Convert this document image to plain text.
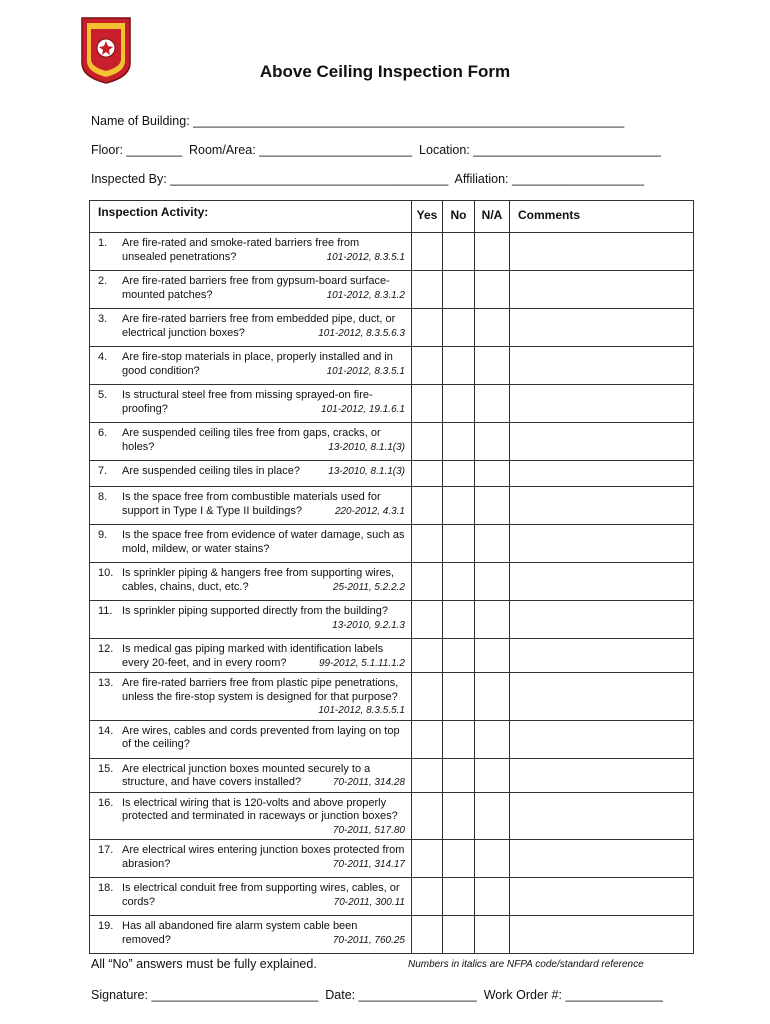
Above Ceiling Inspection Form
Name of Building: ______________________________________________________________
Floor: ________  Room/Area: ______________________  Location: ___________________________
Inspected By: ________________________________________  Affiliation: ___________________
Inspection Activity:	Yes	No	N/A	Comments

1. Are fire-rated and smoke-rated barriers free from unsealed penetrations? 101-2012, 8.3.5.1				

2. Are fire-rated barriers free from gypsum-board surface-mounted patches? 101-2012, 8.3.1.2				

3. Are fire-rated barriers free from embedded pipe, duct, or electrical junction boxes? 101-2012, 8.3.5.6.3				

4. Are fire-stop materials in place, properly installed and in good condition? 101-2012, 8.3.5.1				

5. Is structural steel free from missing sprayed-on fire-proofing? 101-2012, 19.1.6.1				

6. Are suspended ceiling tiles free from gaps, cracks, or holes? 13-2010, 8.1.1(3)				

7. Are suspended ceiling tiles in place? 13-2010, 8.1.1(3)				

8. Is the space free from combustible materials used for support in Type I & Type II buildings? 220-2012, 4.3.1				

9. Is the space free from evidence of water damage, such as mold, mildew, or water stains?				

10. Is sprinkler piping & hangers free from supporting wires, cables, chains, duct, etc.? 25-2011, 5.2.2.2				

11. Is sprinkler piping supported directly from the building?
13-2010, 9.2.1.3				

12. Is medical gas piping marked with identification labels every 20-feet, and in every room? 99-2012, 5.1.11.1.2				

13. Are fire-rated barriers free from plastic pipe penetrations, unless the fire-stop system is designed for that purpose?
101-2012, 8.3.5.5.1				

14. Are wires, cables and cords prevented from laying on top of the ceiling?				

15. Are electrical junction boxes mounted securely to a structure, and have covers installed? 70-2011, 314.28				

16. Is electrical wiring that is 120-volts and above properly protected and terminated in raceways or junction boxes?
70-2011, 517.80				

17. Are electrical wires entering junction boxes protected from abrasion? 70-2011, 314.17				

18. Is electrical conduit free from supporting wires, cables, or cords? 70-2011, 300.11				

19. Has all abandoned fire alarm system cable been removed? 70-2011, 760.25				

All “No” answers must be fully explained.	Numbers in italics are NFPA code/standard reference
Signature: ________________________  Date: _________________  Work Order #: ______________
